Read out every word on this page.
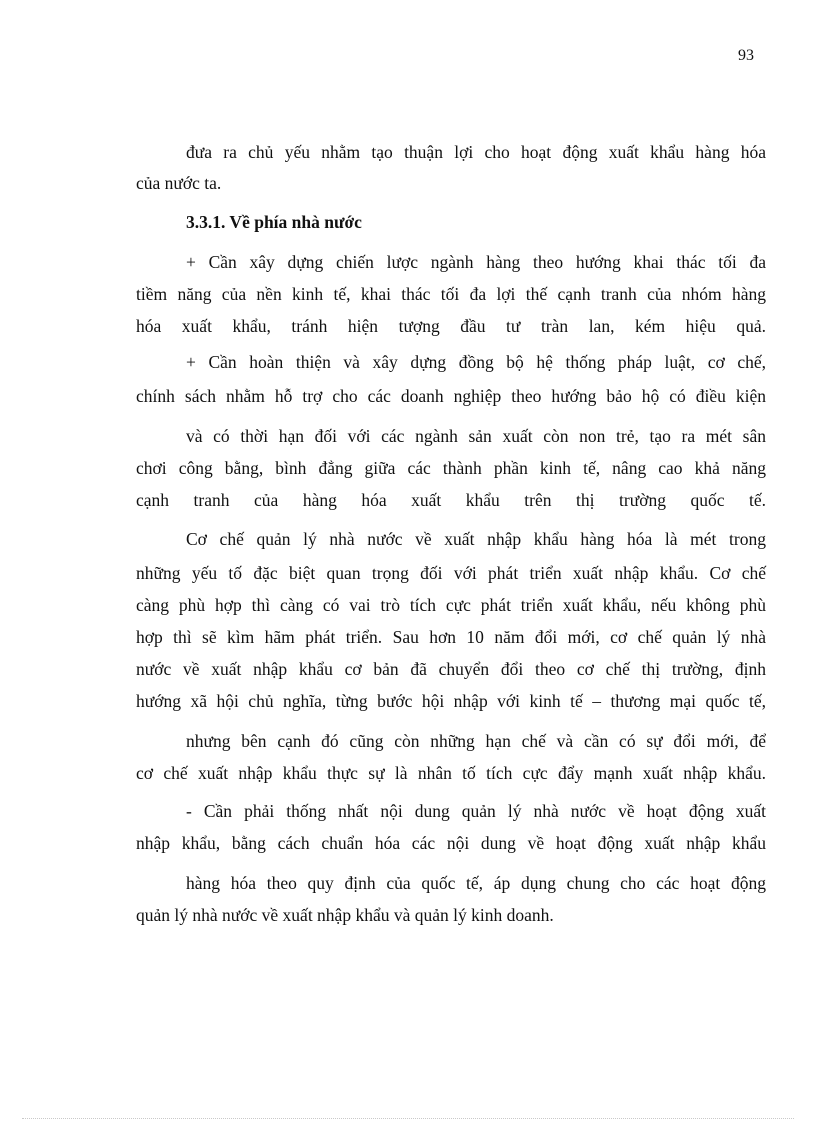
93
đưa ra chủ yếu nhằm tạo thuận lợi cho hoạt động xuất khẩu hàng hóa
của nước ta.
3.3.1. Về phía nhà nước
+ Cần xây dựng chiến lược ngành hàng theo hướng khai thác tối đa
tiềm năng của nền kinh tế, khai thác tối đa lợi thế cạnh tranh của nhóm hàng
hóa xuất khẩu, tránh hiện tượng đầu tư tràn lan, kém hiệu quả.
+ Cần hoàn thiện và xây dựng đồng bộ hệ thống pháp luật, cơ chế,
chính sách nhằm hỗ trợ cho các doanh nghiệp theo hướng bảo hộ có điều kiện
và có thời hạn đối với các ngành sản xuất còn non trẻ, tạo ra mét sân
chơi công bằng, bình đẳng giữa các thành phần kinh tế, nâng cao khả năng
cạnh tranh của hàng hóa xuất khẩu trên thị trường quốc tế.
Cơ chế quản lý nhà nước về xuất nhập khẩu hàng hóa là mét trong
những yếu tố đặc biệt quan trọng đối với phát triển xuất nhập khẩu. Cơ chế
càng phù hợp thì càng có vai trò tích cực phát triển xuất khẩu, nếu không phù
hợp thì sẽ kìm hãm phát triển. Sau hơn 10 năm đổi mới, cơ chế quản lý nhà
nước về xuất nhập khẩu cơ bản đã chuyển đổi theo cơ chế thị trường, định
hướng xã hội chủ nghĩa, từng bước hội nhập với kinh tế – thương mại quốc tế,
nhưng bên cạnh đó cũng còn những hạn chế và cần có sự đổi mới, để
cơ chế xuất nhập khẩu thực sự là nhân tố tích cực đẩy mạnh xuất nhập khẩu.
- Cần phải thống nhất nội dung quản lý nhà nước về hoạt động xuất
nhập khẩu, bằng cách chuẩn hóa các nội dung về hoạt động xuất nhập khẩu
hàng hóa theo quy định của quốc tế, áp dụng chung cho các hoạt động
quản lý nhà nước về xuất nhập khẩu và quản lý kinh doanh.
